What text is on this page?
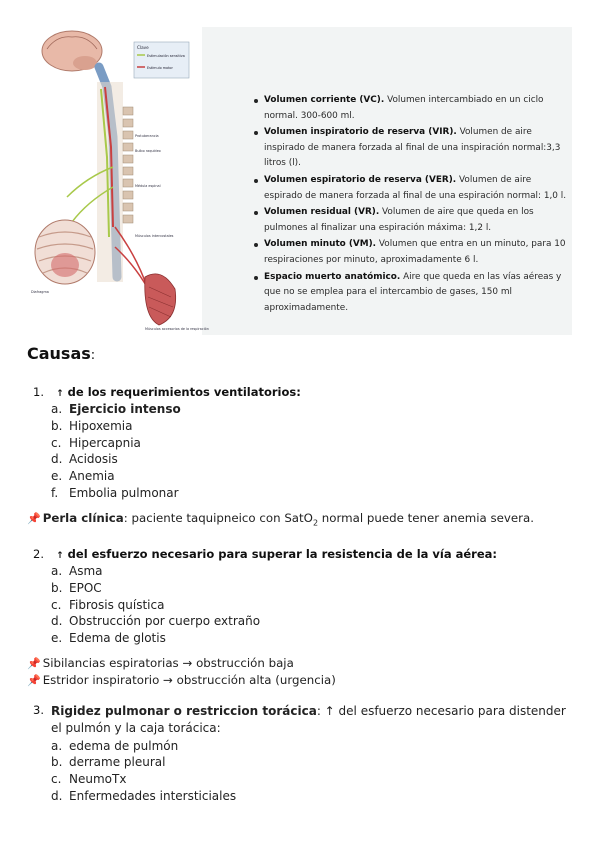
Clave
Estimulación sensitiva
Estímulo motor
Protuberancia
Bulbo raquídeo
Médula espinal
Músculos intercostales
Diafragma
Músculos accesorios de la respiración
Volumen corriente (VC). Volumen intercambiado en un ciclo normal. 300-600 ml.
Volumen inspiratorio de reserva (VIR). Volumen de aire inspirado de manera forzada al final de una inspiración normal:3,3 litros (l).
Volumen espiratorio de reserva (VER). Volumen de aire espirado de manera forzada al final de una espiración normal: 1,0 l.
Volumen residual (VR). Volumen de aire que queda en los pulmones al finalizar una espiración máxima: 1,2 l.
Volumen minuto (VM). Volumen que entra en un minuto, para 10 respiraciones por minuto, aproximadamente 6 l.
Espacio muerto anatómico. Aire que queda en las vías aéreas y que no se emplea para el intercambio de gases, 150 ml aproximadamente.
Causas:
1. ↑ de los requerimientos ventilatorios:
a. Ejercicio intenso
b. Hipoxemia
c. Hipercapnia
d. Acidosis
e. Anemia
f. Embolia pulmonar
📌 Perla clínica: paciente taquipneico con SatO$_2$ normal puede tener anemia severa.
2. ↑ del esfuerzo necesario para superar la resistencia de la vía aérea:
a. Asma
b. EPOC
c. Fibrosis quística
d. Obstrucción por cuerpo extraño
e. Edema de glotis
📌 Sibilancias espiratorias → obstrucción baja
📌 Estridor inspiratorio → obstrucción alta (urgencia)
3. Rigidez pulmonar o restriccion torácica: ↑ del esfuerzo necesario para distender el pulmón y la caja torácica:
a. edema de pulmón
b. derrame pleural
c. NeumoTx
d. Enfermedades intersticiales
